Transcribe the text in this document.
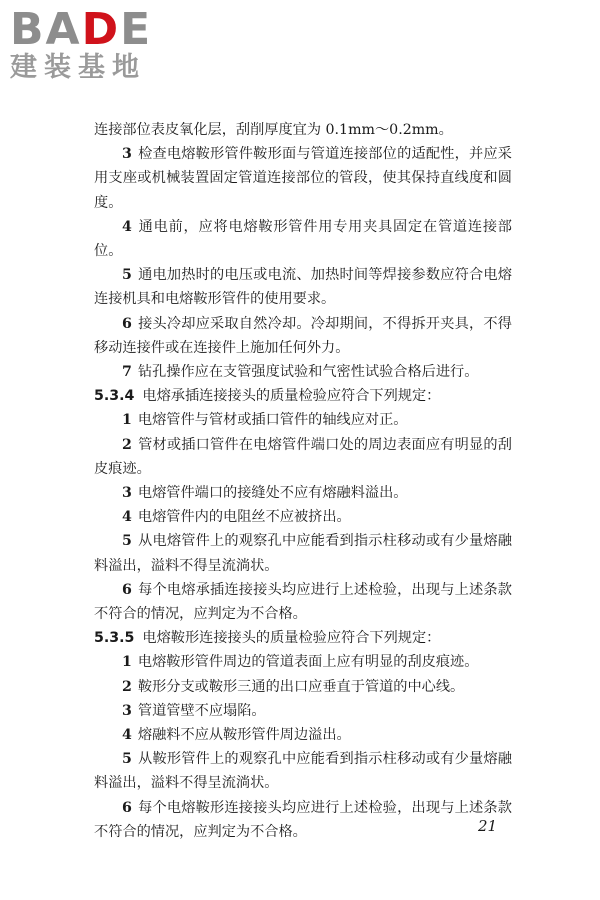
BADE
建装基地

连接部位表皮氧化层，刮削厚度宜为 0.1mm～0.2mm。

3 检查电熔鞍形管件鞍形面与管道连接部位的适配性，并应采用支座或机械装置固定管道连接部位的管段，使其保持直线度和圆度。

4 通电前，应将电熔鞍形管件用专用夹具固定在管道连接部位。

5 通电加热时的电压或电流、加热时间等焊接参数应符合电熔连接机具和电熔鞍形管件的使用要求。

6 接头冷却应采取自然冷却。冷却期间，不得拆开夹具，不得移动连接件或在连接件上施加任何外力。

7 钻孔操作应在支管强度试验和气密性试验合格后进行。

5.3.4 电熔承插连接接头的质量检验应符合下列规定：

1 电熔管件与管材或插口管件的轴线应对正。

2 管材或插口管件在电熔管件端口处的周边表面应有明显的刮皮痕迹。

3 电熔管件端口的接缝处不应有熔融料溢出。

4 电熔管件内的电阻丝不应被挤出。

5 从电熔管件上的观察孔中应能看到指示柱移动或有少量熔融料溢出，溢料不得呈流淌状。

6 每个电熔承插连接接头均应进行上述检验，出现与上述条款不符合的情况，应判定为不合格。

5.3.5 电熔鞍形连接接头的质量检验应符合下列规定：

1 电熔鞍形管件周边的管道表面上应有明显的刮皮痕迹。

2 鞍形分支或鞍形三通的出口应垂直于管道的中心线。

3 管道管壁不应塌陷。

4 熔融料不应从鞍形管件周边溢出。

5 从鞍形管件上的观察孔中应能看到指示柱移动或有少量熔融料溢出，溢料不得呈流淌状。

6 每个电熔鞍形连接接头均应进行上述检验，出现与上述条款不符合的情况，应判定为不合格。	21
